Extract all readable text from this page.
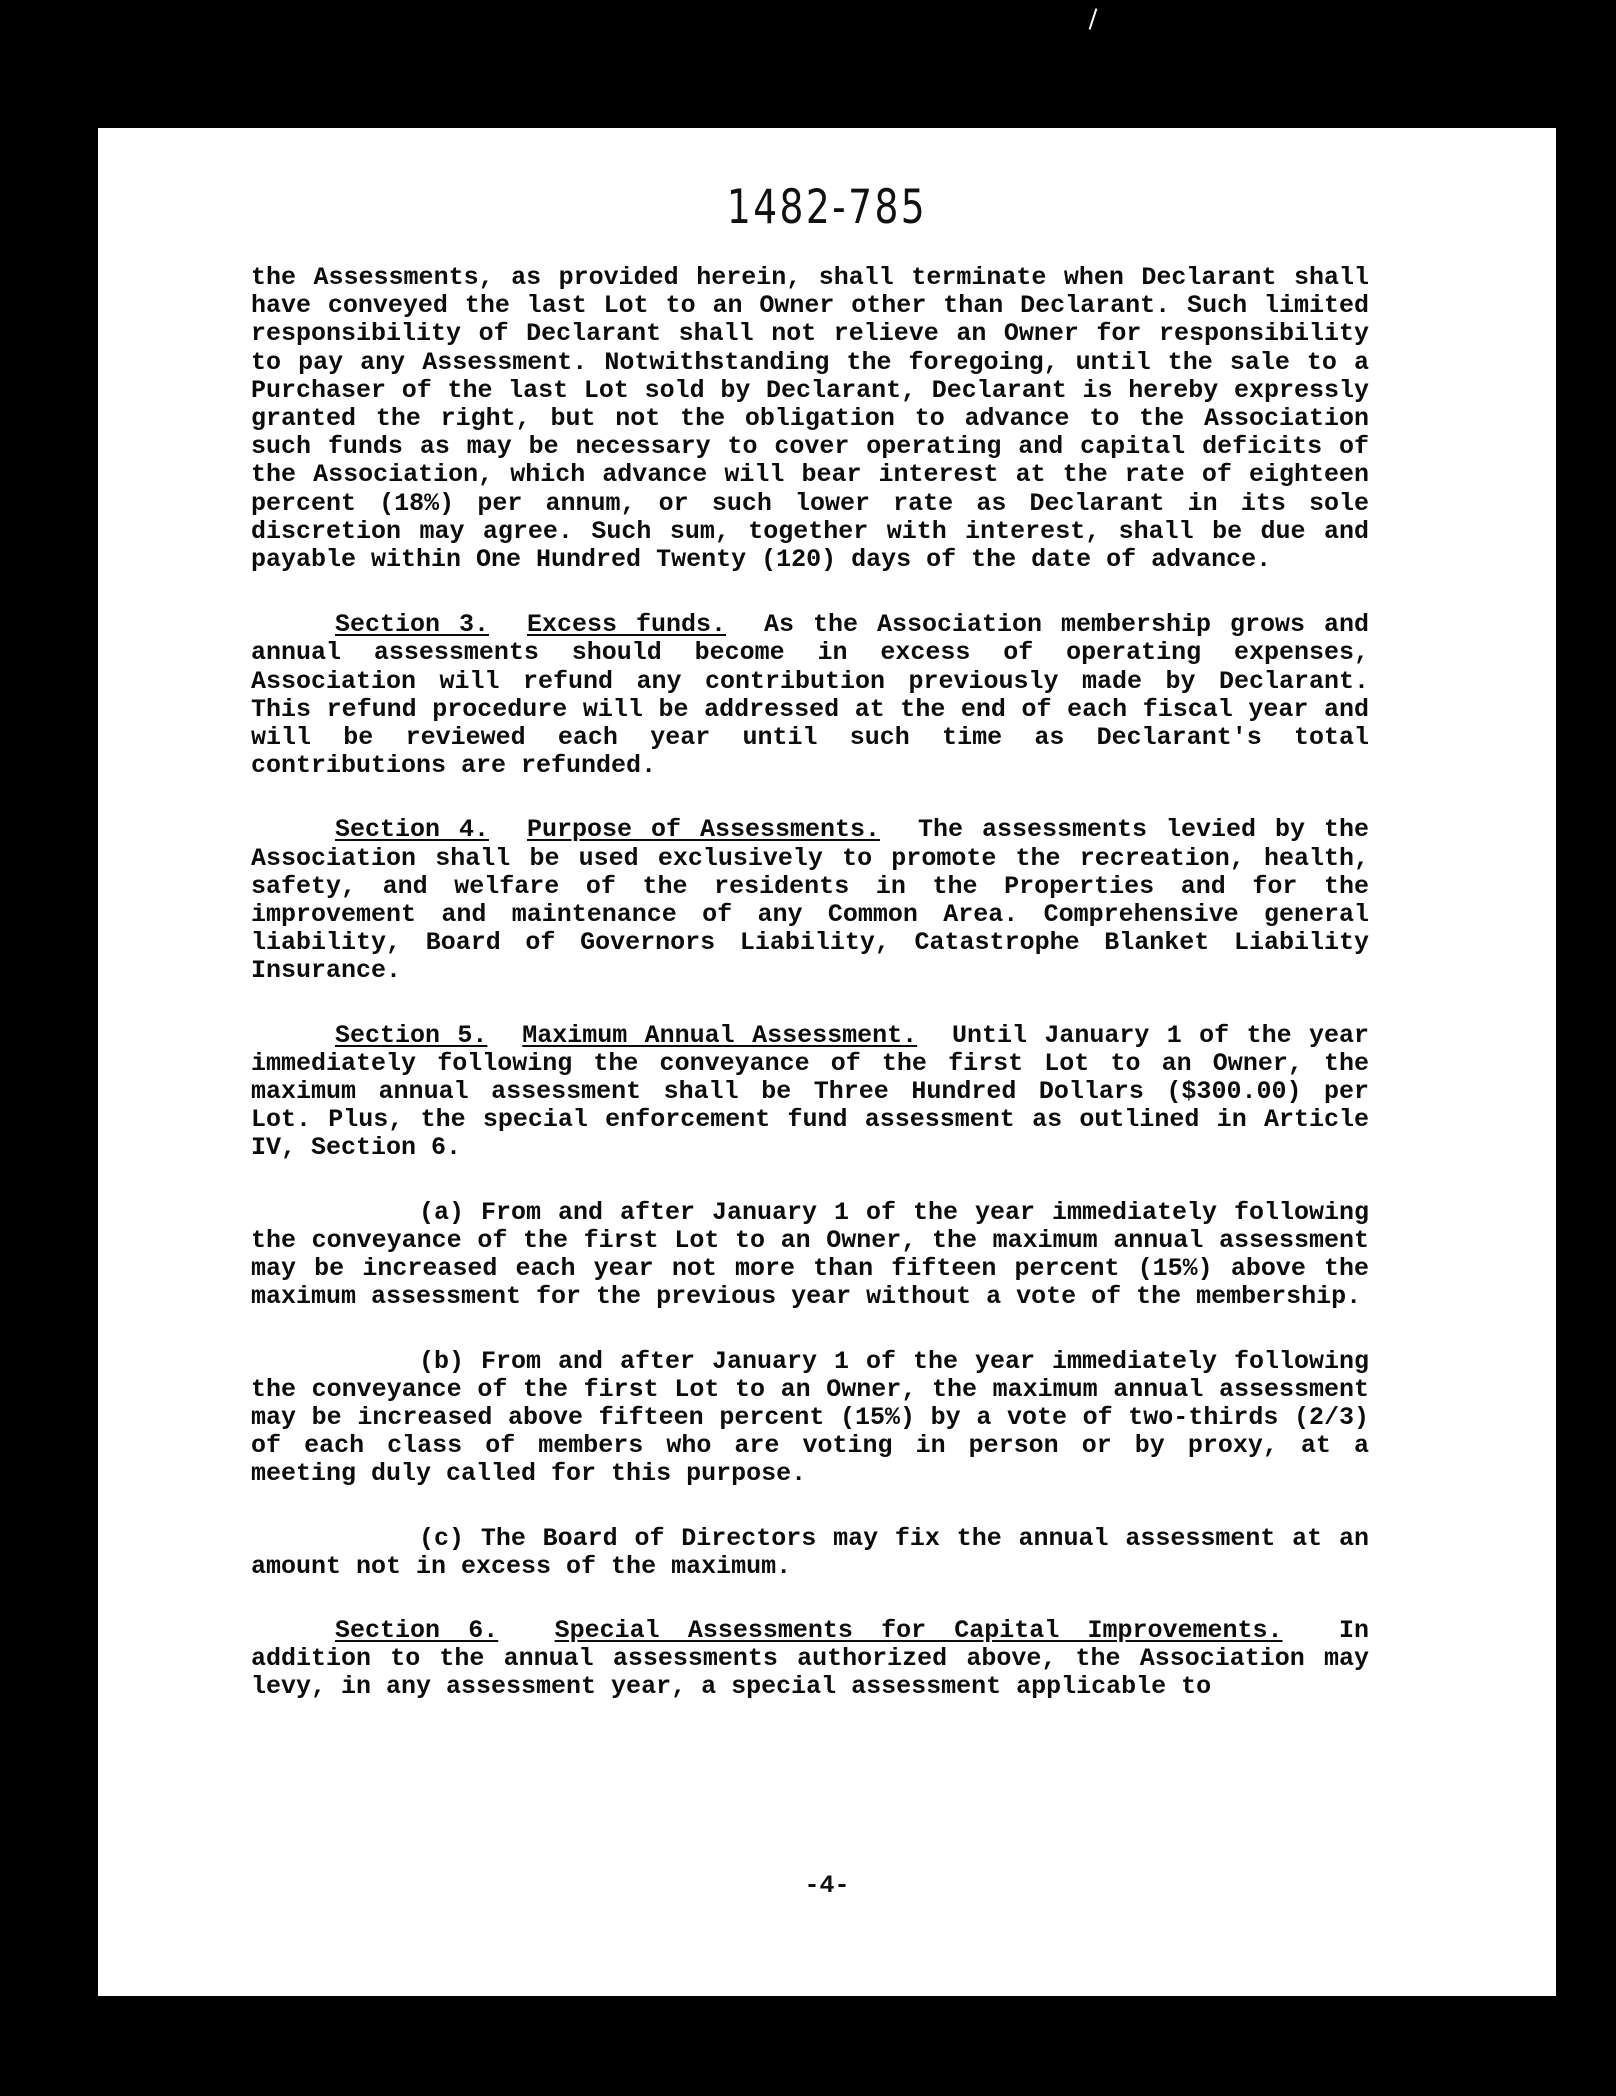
1482-785

the Assessments, as provided herein, shall terminate when Declarant shall have conveyed the last Lot to an Owner other than Declarant. Such limited responsibility of Declarant shall not relieve an Owner for responsibility to pay any Assessment. Notwithstanding the foregoing, until the sale to a Purchaser of the last Lot sold by Declarant, Declarant is hereby expressly granted the right, but not the obligation to advance to the Association such funds as may be necessary to cover operating and capital deficits of the Association, which advance will bear interest at the rate of eighteen percent (18%) per annum, or such lower rate as Declarant in its sole discretion may agree. Such sum, together with interest, shall be due and payable within One Hundred Twenty (120) days of the date of advance.

Section 3. Excess funds. As the Association membership grows and annual assessments should become in excess of operating expenses, Association will refund any contribution previously made by Declarant. This refund procedure will be addressed at the end of each fiscal year and will be reviewed each year until such time as Declarant's total contributions are refunded.

Section 4. Purpose of Assessments. The assessments levied by the Association shall be used exclusively to promote the recreation, health, safety, and welfare of the residents in the Properties and for the improvement and maintenance of any Common Area. Comprehensive general liability, Board of Governors Liability, Catastrophe Blanket Liability Insurance.

Section 5. Maximum Annual Assessment. Until January 1 of the year immediately following the conveyance of the first Lot to an Owner, the maximum annual assessment shall be Three Hundred Dollars ($300.00) per Lot. Plus, the special enforcement fund assessment as outlined in Article IV, Section 6.

(a) From and after January 1 of the year immediately following the conveyance of the first Lot to an Owner, the maximum annual assessment may be increased each year not more than fifteen percent (15%) above the maximum assessment for the previous year without a vote of the membership.

(b) From and after January 1 of the year immediately following the conveyance of the first Lot to an Owner, the maximum annual assessment may be increased above fifteen percent (15%) by a vote of two-thirds (2/3) of each class of members who are voting in person or by proxy, at a meeting duly called for this purpose.

(c) The Board of Directors may fix the annual assessment at an amount not in excess of the maximum.

Section 6. Special Assessments for Capital Improvements. In addition to the annual assessments authorized above, the Association may levy, in any assessment year, a special assessment applicable to

-4-
